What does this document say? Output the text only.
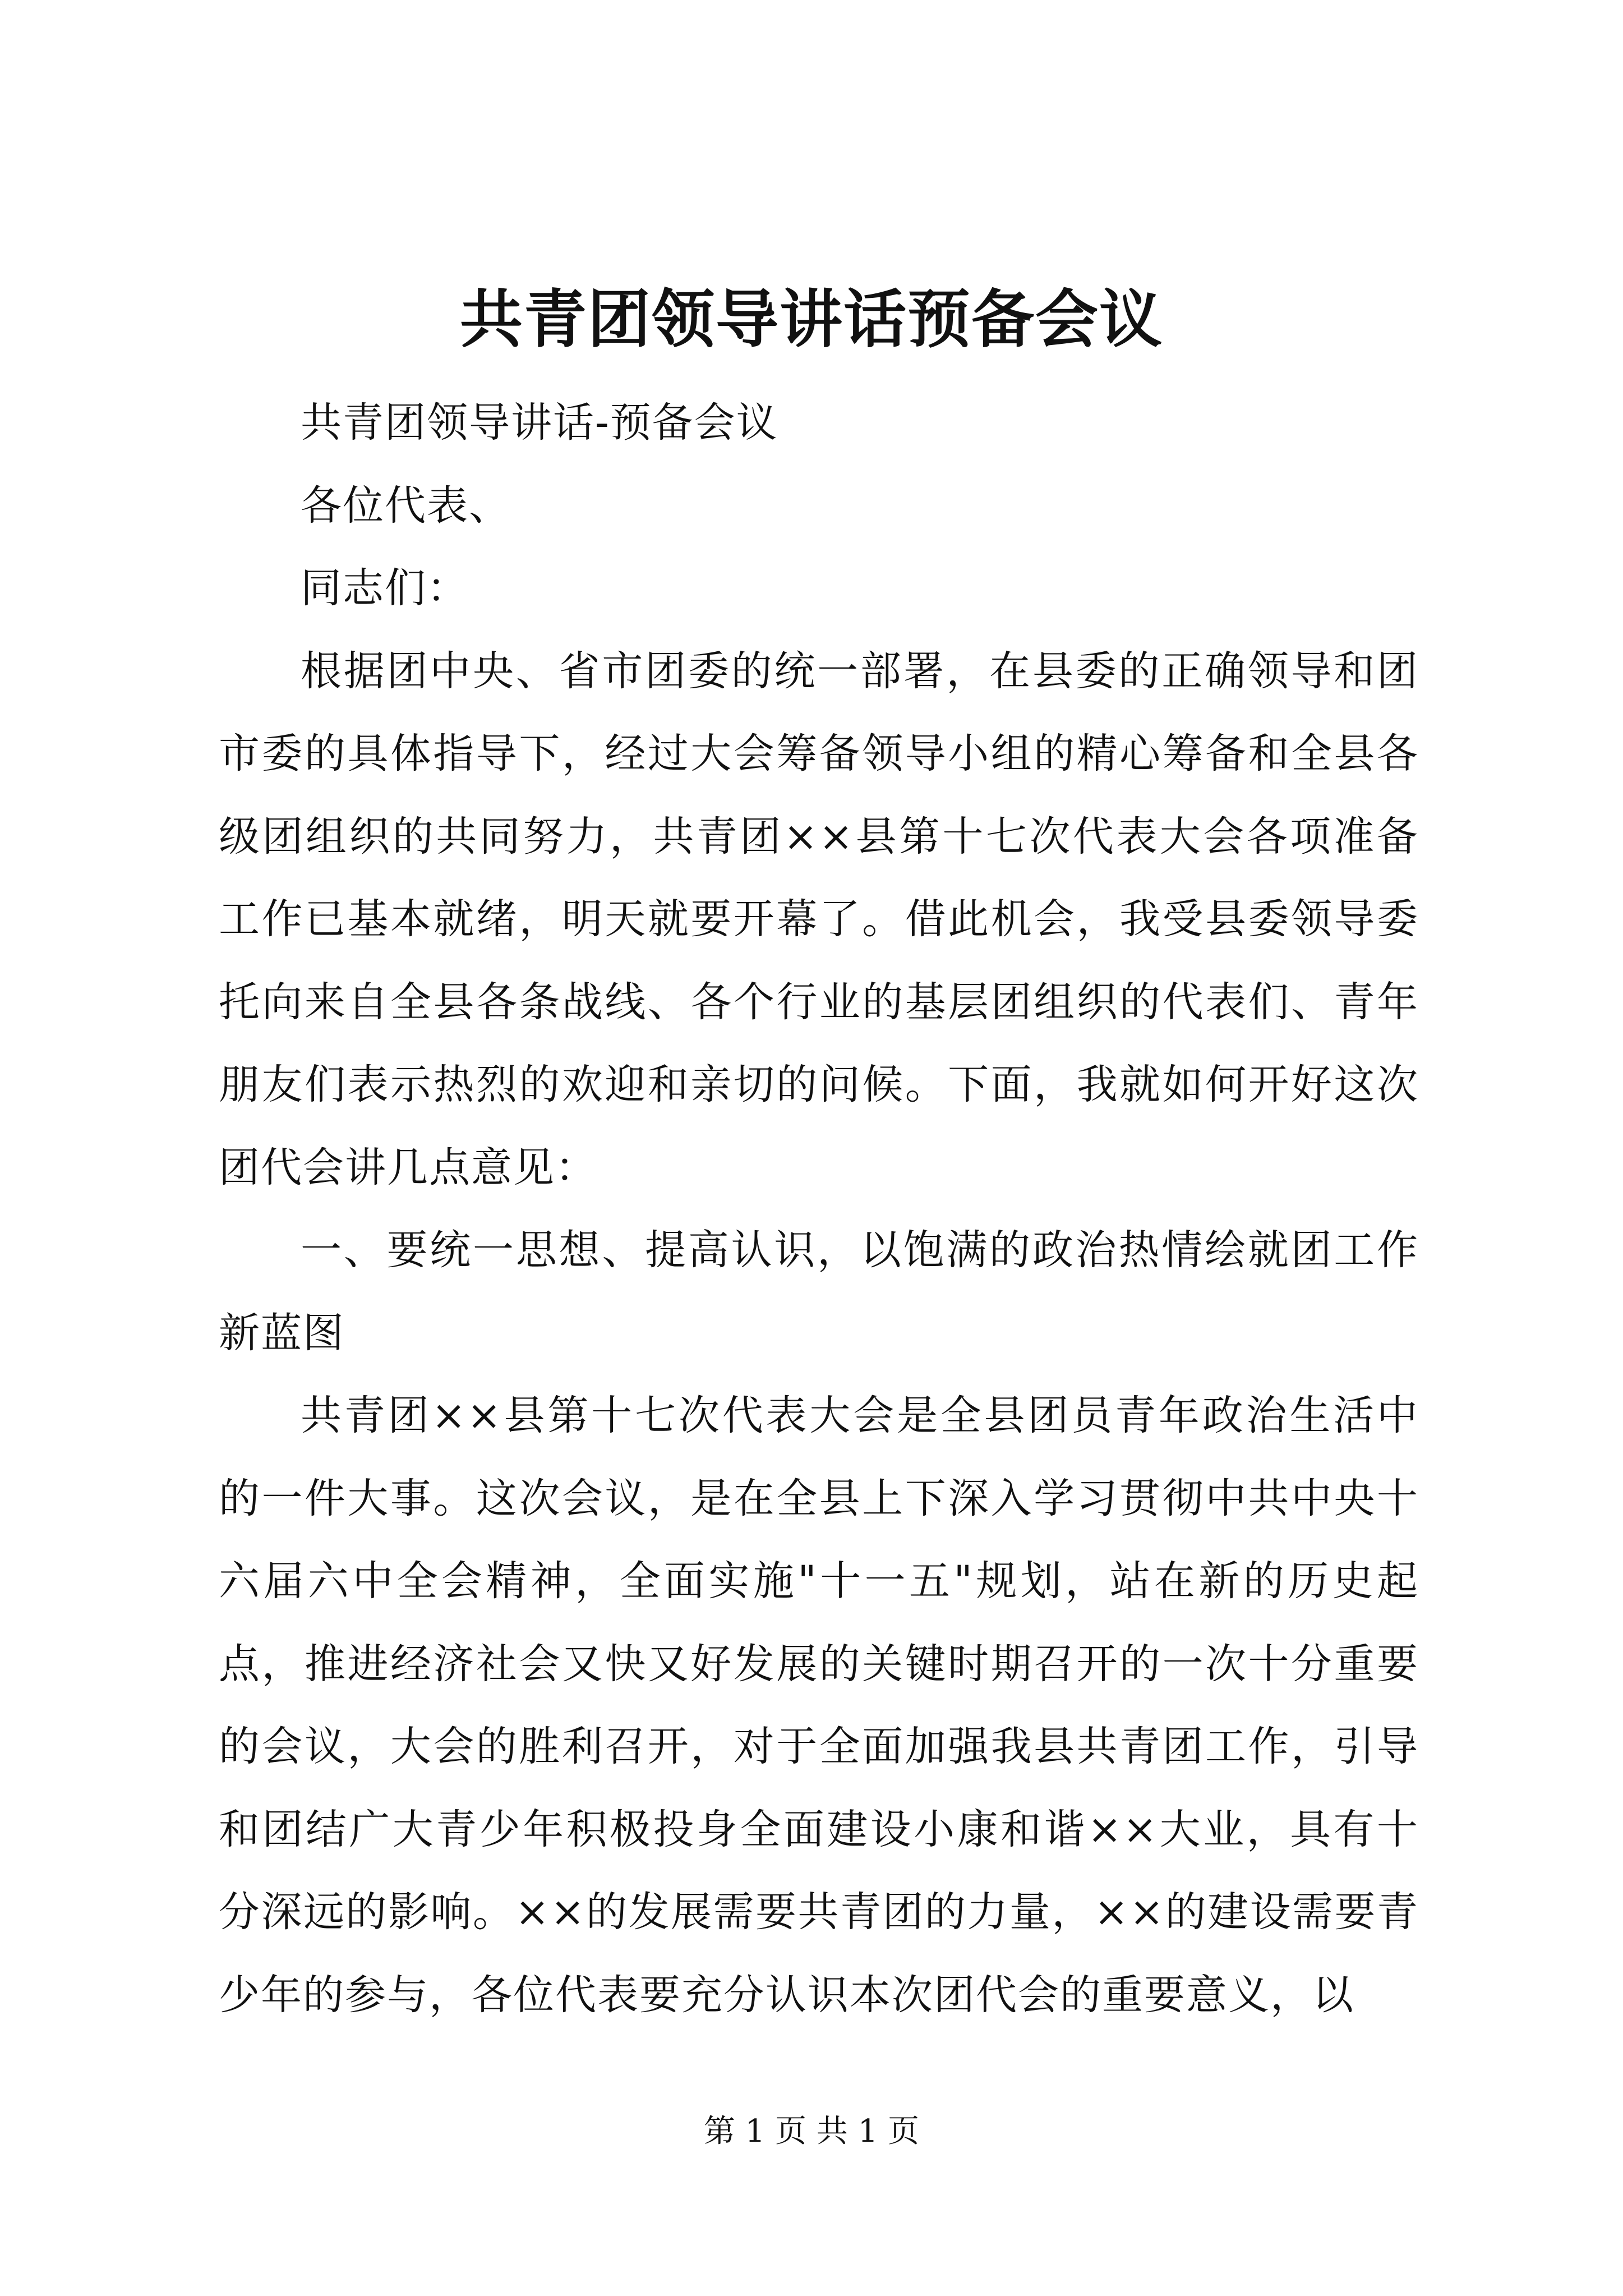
共青团领导讲话预备会议

共青团领导讲话-预备会议

各位代表、

同志们：

根据团中央、省市团委的统一部署，在县委的正确领导和团市委的具体指导下，经过大会筹备领导小组的精心筹备和全县各级团组织的共同努力，共青团××县第十七次代表大会各项准备工作已基本就绪，明天就要开幕了。借此机会，我受县委领导委托向来自全县各条战线、各个行业的基层团组织的代表们、青年朋友们表示热烈的欢迎和亲切的问候。下面，我就如何开好这次团代会讲几点意见：

一、要统一思想、提高认识，以饱满的政治热情绘就团工作新蓝图

共青团××县第十七次代表大会是全县团员青年政治生活中的一件大事。这次会议，是在全县上下深入学习贯彻中共中央十六届六中全会精神，全面实施"十一五"规划，站在新的历史起点，推进经济社会又快又好发展的关键时期召开的一次十分重要的会议，大会的胜利召开，对于全面加强我县共青团工作，引导和团结广大青少年积极投身全面建设小康和谐××大业，具有十分深远的影响。××的发展需要共青团的力量，××的建设需要青少年的参与，各位代表要充分认识本次团代会的重要意义，以

第 1 页 共 1 页
